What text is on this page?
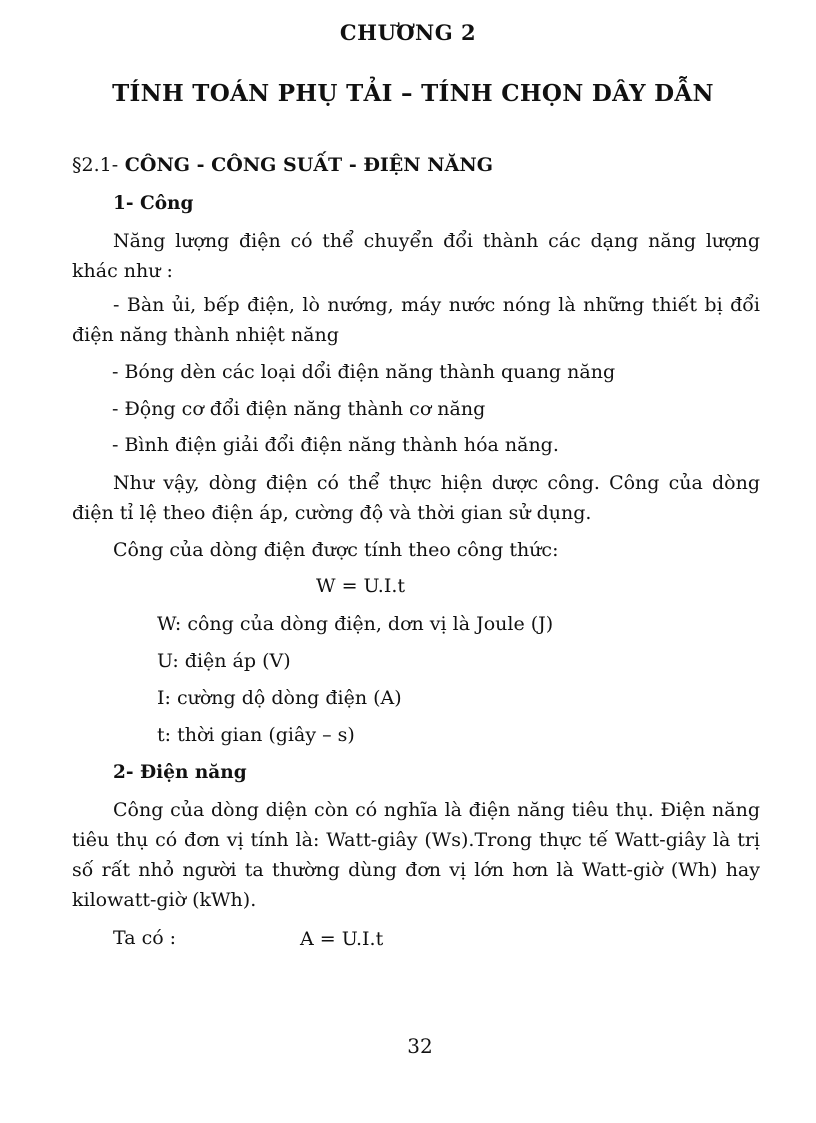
CHƯƠNG 2
TÍNH TOÁN PHỤ TẢI – TÍNH CHỌN DÂY DẪN
§2.1- CÔNG - CÔNG SUẤT - ĐIỆN NĂNG
1- Công
Năng lượng điện có thể chuyển đổi thành các dạng năng lượng khác như :
- Bàn ủi, bếp điện, lò nướng, máy nước nóng là những thiết bị đổi điện năng thành nhiệt năng
- Bóng dèn các loại dổi điện năng thành quang năng
- Động cơ đổi điện năng thành cơ năng
- Bình điện giải đổi điện năng thành hóa năng.
Như vậy, dòng điện có thể thực hiện dược công. Công của dòng điện tỉ lệ theo điện áp, cường độ và thời gian sử dụng.
Công của dòng điện được tính theo công thức:
W = U.I.t
W: công của dòng điện, dơn vị là Joule (J)
U: điện áp (V)
I: cường dộ dòng điện (A)
t: thời gian (giây – s)
2- Điện năng
Công của dòng diện còn có nghĩa là điện năng tiêu thụ. Điện năng tiêu thụ có đơn vị tính là: Watt-giây (Ws).Trong thực tế Watt-giây là trị số rất nhỏ người ta thường dùng đơn vị lớn hơn là Watt-giờ (Wh) hay kilowatt-giờ (kWh).
Ta có :	A = U.I.t
32
